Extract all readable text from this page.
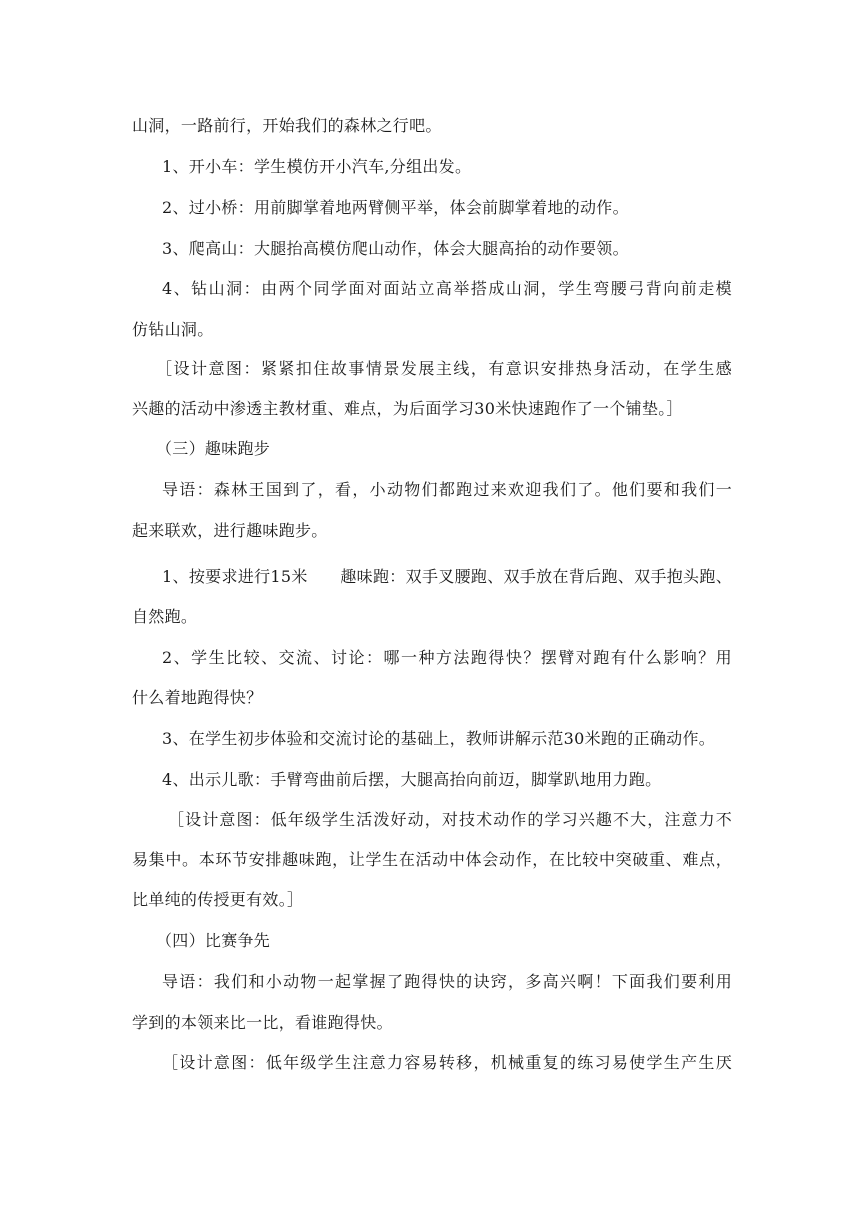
山洞，一路前行，开始我们的森林之行吧。
1、开小车：学生模仿开小汽车,分组出发。
2、过小桥：用前脚掌着地两臂侧平举，体会前脚掌着地的动作。
3、爬高山：大腿抬高模仿爬山动作，体会大腿高抬的动作要领。
4、钻山洞：由两个同学面对面站立高举搭成山洞，学生弯腰弓背向前走模
仿钻山洞。
［设计意图：紧紧扣住故事情景发展主线，有意识安排热身活动，在学生感
兴趣的活动中渗透主教材重、难点，为后面学习30米快速跑作了一个铺垫。］
（三）趣味跑步
导语：森林王国到了，看，小动物们都跑过来欢迎我们了。他们要和我们一
起来联欢，进行趣味跑步。
1、按要求进行15米　　趣味跑：双手叉腰跑、双手放在背后跑、双手抱头跑、
自然跑。
2、学生比较、交流、讨论：哪一种方法跑得快？摆臂对跑有什么影响？用
什么着地跑得快？
3、在学生初步体验和交流讨论的基础上，教师讲解示范30米跑的正确动作。
4、出示儿歌：手臂弯曲前后摆，大腿高抬向前迈，脚掌趴地用力跑。
［设计意图：低年级学生活泼好动，对技术动作的学习兴趣不大，注意力不
易集中。本环节安排趣味跑，让学生在活动中体会动作，在比较中突破重、难点，
比单纯的传授更有效。］
（四）比赛争先
导语：我们和小动物一起掌握了跑得快的诀窍，多高兴啊！下面我们要利用
学到的本领来比一比，看谁跑得快。
［设计意图：低年级学生注意力容易转移，机械重复的练习易使学生产生厌
